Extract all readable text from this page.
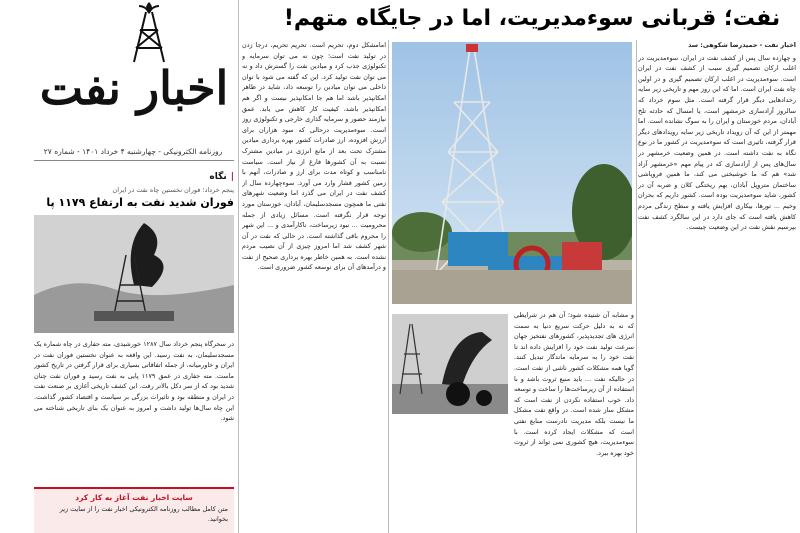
نفت؛ قربانی سوءمدیریت، اما در جایگاه متهم!

اخبار نفت - حمیدرضا شکوهی: سد

و چهارده سال پس از کشف نفت در ایران، سوءمدیریت در اغلب ارکان تصمیم گیری سبب از کشف نفت در ایران است. سوءمدیریت در اغلب ارکان تصمیم گیری و در اولین چاه نفت ایران است. اما که این روز مهم و تاریخی زیر سایه رخدادهایی دیگر قرار گرفته است. مثل سوم خرداد که سالروز آزادسازی خرمشهر است، یا امسال که حادثه تلخ آبادان، مردم خوزستان و ایران را به سوگ نشانده است. اما مهمتر از این که آن رویداد تاریخی زیر سایه رویدادهای دیگر قرار گرفته، تاثیری است که سوءمدیریت در کشور ما در نوع نگاه به نفت داشته است. در همین وضعیت خرمشهر در سال‌های پس از آزادسازی که در پیام مهم «خرمشهر آزاد شد» هم که ما خوشبختی می کند، ما همین فروپاشی ساختمان متروپل آبادان، بهم ریختگی کلان و ضربه آن در کشور، شاید سوءمدیریت بوده است. کشور داریم که بحران وخیم ... تورها، بیکاری افزایش یافته و سطح زندگی مردم کاهش یافته است که جای دارد در این سالگرد کشف نفت بپرسیم نقش نفت در این وضعیت چیست.

امامشکل دوم، تحریم است. تحریم تحریم، درجا زدن در تولید نفت است؛ چون نه می توان سرمایه و تکنولوژی جذب کرد و میادین نفت را گسترش داد و نه می توان نفت تولید کرد. این که گفته می شود با توان داخلی می توان میادین را توسعه داد، شاید در ظاهر امکانپذیر باشد اما هم جا امکانپذیر نیست و اگر هم امکانپذیر باشد، کیفیت کار کاهش می یابد. عمق نیازمند حضور و سرمایه گذاری خارجی و تکنولوژی روز است. سوءمدیریت درحالی که سود هزاران برای ارزش افزوده، ارز صادرات کشور بهره برداری میادین مشترک تحت بعد از مانع انرژی در میادین مشترک نسبت به آن کشورها فارغ از نیاز است. سیاست نامناسب و کوتاه مدت برای ارز و صادرات، آنهم با زمین کشور فشار وارد می آورد. سوءچهارده سال از کشف نفت در ایران می گذرد اما وضعیت شهرهای نفتی ما همچون مسجدسلیمان، آبادان، خوزستان مورد توجه قرار نگرفته است. مسائل زیادی از جمله محرومیت ... نبود زیرساخت، ناکارآمدی و ... این شهر را محروم باقی گذاشته است. در حالی که نفت در آن شهر کشف شد اما امروز چیزی از آن نصیب مردم نشده است. به همین خاطر بهره برداری صحیح از نفت و درآمدهای آن برای توسعه کشور ضروری است.

و مشابه آن شنیده شود؛ آن هم در شرایطی که نه به دلیل حرکت سریع دنیا به سمت انرژی های تجدیدپذیر، کشورهای نفتخیز جهان سرعت تولید نفت خود را افزایش داده اند تا نفت خود را به سرمایه ماندگار تبدیل کنند. گویا همه مشکلات کشور ناشی از نفت است. در حالیکه نفت ... باید منبع ثروت باشد و با استفاده از آن زیرساخت‌ها را ساخت و توسعه داد. خوب استفاده نکردن از نفت است که مشکل ساز شده است. در واقع نفت مشکل ما نیست بلکه مدیریت نادرست منابع نفتی است که مشکلات ایجاد کرده است. با سوءمدیریت، هیچ کشوری نمی تواند از ثروت خود بهره ببرد.

اخبار نفت
روزنامه الکترونیکی - چهارشنبه ۴ خرداد ۱۴۰۱ - شماره ۲۷
|نگاه
پنجم خرداد؛ فوران نخستین چاه نفت در ایران
فوران شدید نفت به ارتفاع ۱۱۷۹ پا

در سحرگاه پنجم خرداد سال ۱۲۸۷ خورشیدی، مته حفاری در چاه شماره یک مسجدسلیمان، به نفت رسید. این واقعه به عنوان نخستین فوران نفت در ایران و خاورمیانه، از جمله اتفاقاتی بسیاری برای قرار گرفتن در تاریخ کشور ماست. مته حفاری در عمق ۱۱۷۹ پایی به نفت رسید و فوران نفت چنان شدید بود که از سر دکل بالاتر رفت. این کشف تاریخی آغازی بر صنعت نفت در ایران و منطقه بود و تاثیرات بزرگی بر سیاست و اقتصاد کشور گذاشت. این چاه سال‌ها تولید داشت و امروز به عنوان یک بنای تاریخی شناخته می شود.

سایت اخبار نفت آغاز به کار کرد
متن کامل مطالب روزنامه الکترونیکی اخبار نفت را از سایت زیر بخوانید.
